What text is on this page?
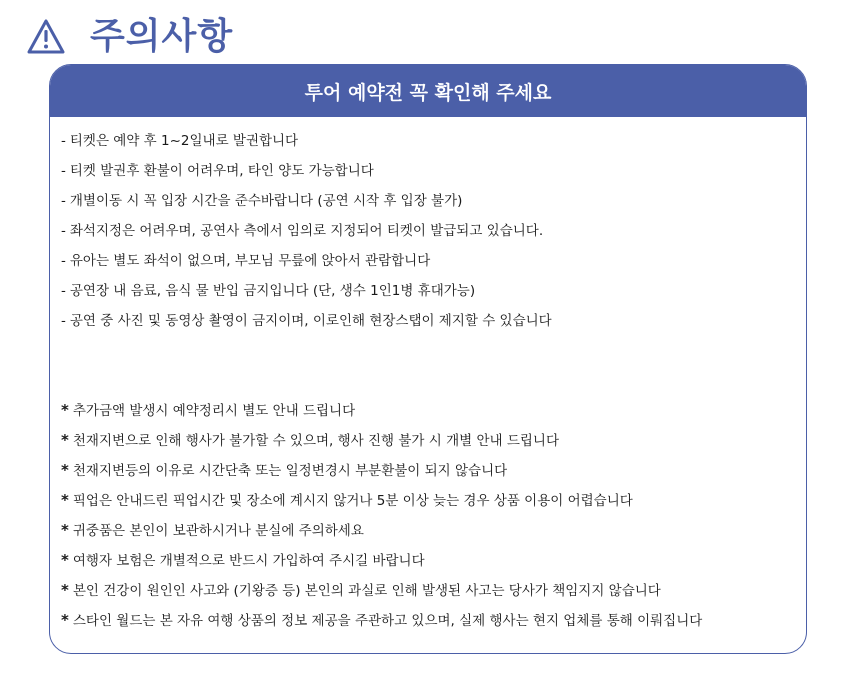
주의사항
투어 예약전 꼭 확인해 주세요
- 티켓은 예약 후 1~2일내로 발권합니다
- 티켓 발권후 환불이 어려우며, 타인 양도 가능합니다
- 개별이동 시 꼭 입장 시간을 준수바랍니다 (공연 시작 후 입장 불가)
- 좌석지정은 어려우며, 공연사 측에서 임의로 지정되어 티켓이 발급되고 있습니다.
- 유아는 별도 좌석이 없으며, 부모님 무릎에 앉아서 관람합니다
- 공연장 내 음료, 음식 물 반입 금지입니다 (단, 생수 1인1병 휴대가능)
- 공연 중 사진 및 동영상 촬영이 금지이며, 이로인해 현장스탭이 제지할 수 있습니다
* 추가금액 발생시 예약정리시 별도 안내 드립니다
* 천재지변으로 인해 행사가 불가할 수 있으며, 행사 진행 불가 시 개별 안내 드립니다
* 천재지변등의 이유로 시간단축 또는 일정변경시 부분환불이 되지 않습니다
* 픽업은 안내드린 픽업시간 및 장소에 계시지 않거나 5분 이상 늦는 경우 상품 이용이 어렵습니다
* 귀중품은 본인이 보관하시거나 분실에 주의하세요
* 여행자 보험은 개별적으로 반드시 가입하여 주시길 바랍니다
* 본인 건강이 원인인 사고와 (기왕증 등) 본인의 과실로 인해 발생된 사고는 당사가 책임지지 않습니다
* 스타인 월드는 본 자유 여행 상품의 정보 제공을 주관하고 있으며, 실제 행사는 현지 업체를 통해 이뤄집니다
